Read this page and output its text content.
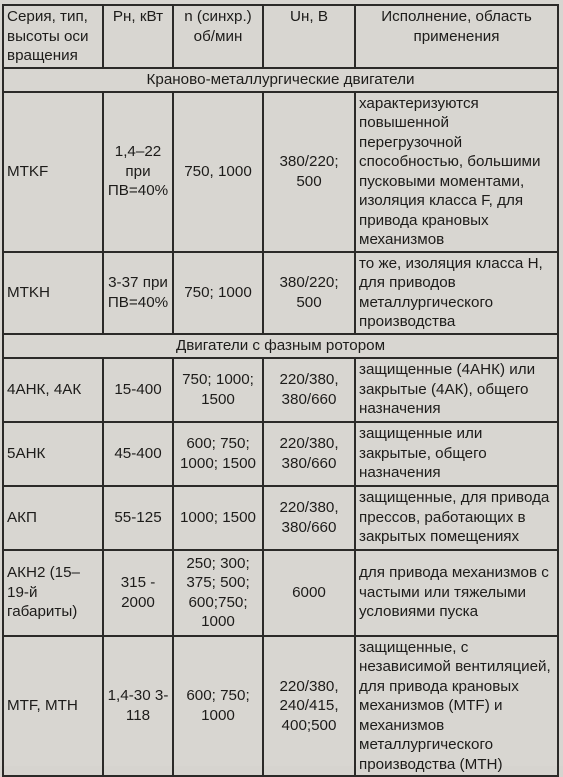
Серия, тип, высоты оси вращения	Рн, кВт	n (синхр.) об/мин	Uн, В	Исполнение, область применения
Крановo-металлургические двигатели				
MTKF	1,4–22 при ПВ=40%	750, 1000	380/220; 500	характеризуются повышенной перегрузочной способностью, большими пусковыми моментами, изоляция класса F, для привода крановых механизмов
MTKH	3-37 при ПВ=40%	750; 1000	380/220; 500	то же, изоляция класса Н, для приводов металлургического производства
Двигатели с фазным ротором				
4АНК, 4АК	15-400	750; 1000; 1500	220/380, 380/660	защищенные (4АНК) или закрытые (4АК), общего назначения
5АНК	45-400	600; 750; 1000; 1500	220/380, 380/660	защищенные или закрытые, общего назначения
АКП	55-125	1000; 1500	220/380, 380/660	защищенные, для привода прессов, работающих в закрытых помещениях
АКН2 (15–19-й габариты)	315 - 2000	250; 300; 375; 500; 600;750; 1000	6000	для привода механизмов с частыми или тяжелыми условиями пуска
MTF, MTH	1,4-30 3-118	600; 750; 1000	220/380, 240/415, 400;500	защищенные, с независимой вентиляцией, для привода крановых механизмов (MTF) и механизмов металлургического производства (MTH)
